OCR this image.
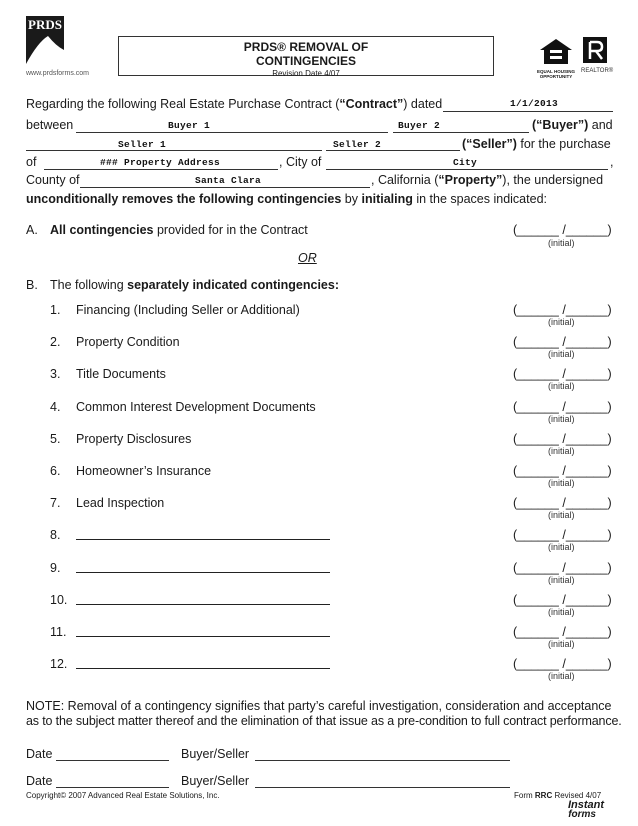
PRDS
www.prdsforms.com
PRDS® REMOVAL OF
CONTINGENCIES
Revision Date 4/07	EQUAL HOUSING OPPORTUNITY
REALTOR®
Regarding the following Real Estate Purchase Contract (“Contract”) dated	1/1/2013
between	Buyer 1	Buyer 2	(“Buyer”) and
Seller 1	Seller 2	(“Seller”) for the purchase
of	### Property Address	, City of	City	,
County of	Santa Clara	, California (“Property”), the undersigned
unconditionally removes the following contingencies by initialing in the spaces indicated:
A. All contingencies provided for in the Contract	(______ /______)
(initial)
OR
B. The following separately indicated contingencies:
1. Financing (Including Seller or Additional)	(______ /______)
(initial)
2. Property Condition	(______ /______)
(initial)
3. Title Documents	(______ /______)
(initial)
4. Common Interest Development Documents	(______ /______)
(initial)
5. Property Disclosures	(______ /______)
(initial)
6. Homeowner’s Insurance	(______ /______)
(initial)
7. Lead Inspection	(______ /______)
(initial)
8.	(______ /______)
(initial)
9.	(______ /______)
(initial)
10.	(______ /______)
(initial)
11.	(______ /______)
(initial)
12.	(______ /______)
(initial)
NOTE: Removal of a contingency signifies that party’s careful investigation, consideration and acceptance
as to the subject matter thereof and the elimination of that issue as a pre-condition to full contract performance.
Date	Buyer/Seller
Date	Buyer/Seller
Copyright© 2007 Advanced Real Estate Solutions, Inc.	Form RRC Revised 4/07
Instant
forms
